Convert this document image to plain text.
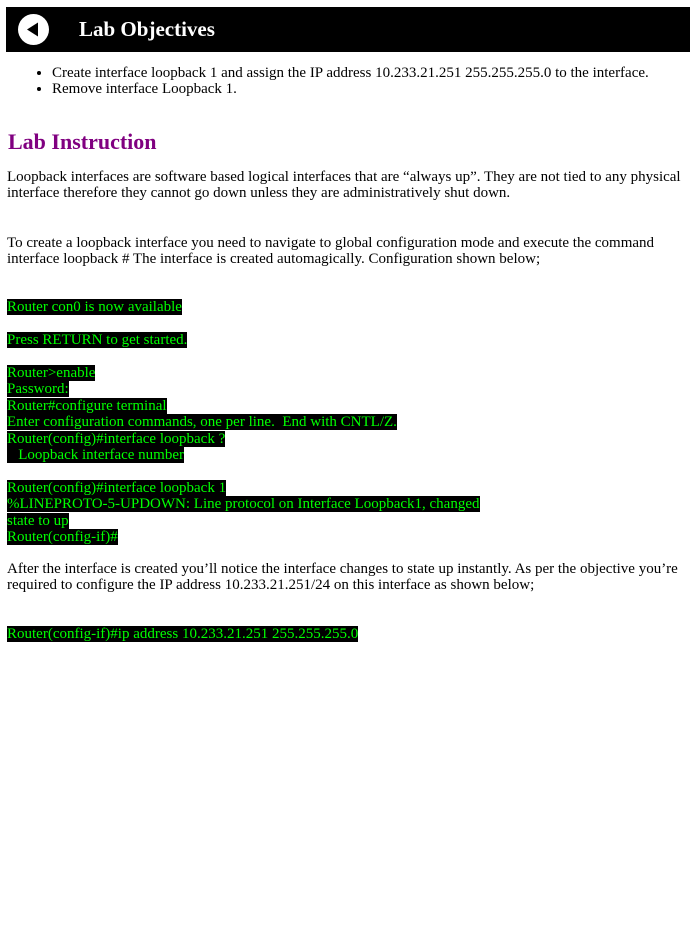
Lab Objectives
• Create interface loopback 1 and assign the IP address 10.233.21.251 255.255.255.0 to the interface.
• Remove interface Loopback 1.
Lab Instruction

Loopback interfaces are software based logical interfaces that are “always up”. They are not tied to any physical interface therefore they cannot go down unless they are administratively shut down.

To create a loopback interface you need to navigate to global configuration mode and execute the command interface loopback # The interface is created automagically. Configuration shown below;

Router con0 is now available
Press RETURN to get started.
Router>enable
Password:
Router#configure terminal
Enter configuration commands, one per line.  End with CNTL/Z.
Router(config)#interface loopback ?
Loopback interface number
Router(config)#interface loopback 1
%LINEPROTO-5-UPDOWN: Line protocol on Interface Loopback1, changed
state to up
Router(config-if)#

After the interface is created you’ll notice the interface changes to state up instantly. As per the objective you’re required to configure the IP address 10.233.21.251/24 on this interface as shown below;

Router(config-if)#ip address 10.233.21.251 255.255.255.0
